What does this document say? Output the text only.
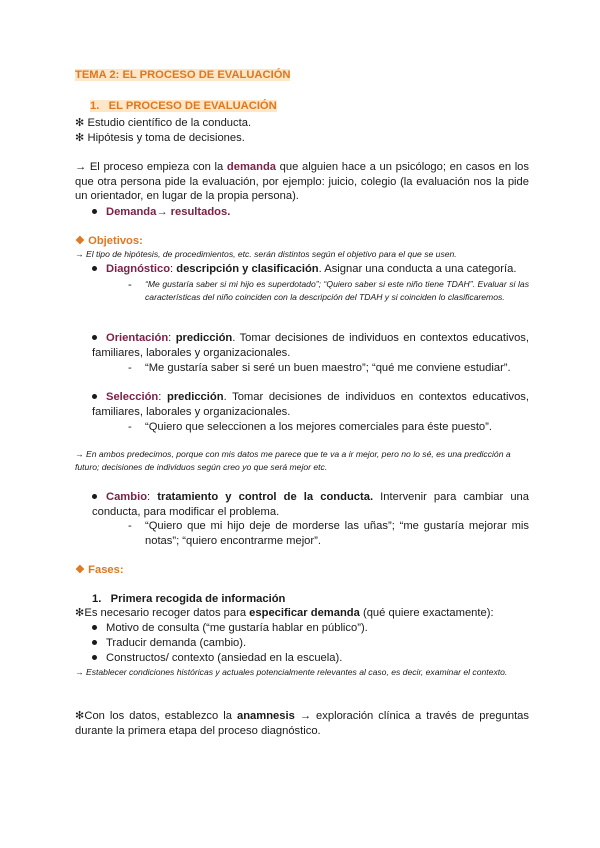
TEMA 2: EL PROCESO DE EVALUACIÓN
1. EL PROCESO DE EVALUACIÓN
✻ Estudio científico de la conducta.
✻ Hipótesis y toma de decisiones.
→ El proceso empieza con la demanda que alguien hace a un psicólogo; en casos en los que otra persona pide la evaluación, por ejemplo: juicio, colegio (la evaluación nos la pide un orientador, en lugar de la propia persona).
Demanda→ resultados.
❖ Objetivos:
→ El tipo de hipótesis, de procedimientos, etc. serán distintos según el objetivo para el que se usen.
Diagnóstico: descripción y clasificación. Asignar una conducta a una categoría.
- “Me gustaría saber si mi hijo es superdotado”; “Quiero saber si este niño tiene TDAH”. Evaluar si las características del niño coinciden con la descripción del TDAH y si coinciden lo clasificaremos.
Orientación: predicción. Tomar decisiones de individuos en contextos educativos, familiares, laborales y organizacionales.
- “Me gustaría saber si seré un buen maestro”; “qué me conviene estudiar”.
Selección: predicción. Tomar decisiones de individuos en contextos educativos, familiares, laborales y organizacionales.
- “Quiero que seleccionen a los mejores comerciales para éste puesto”.
→ En ambos predecimos, porque con mis datos me parece que te va a ir mejor, pero no lo sé, es una predicción a futuro; decisiones de individuos según creo yo que será mejor etc.
Cambio: tratamiento y control de la conducta. Intervenir para cambiar una conducta, para modificar el problema.
- “Quiero que mi hijo deje de morderse las uñas”; “me gustaría mejorar mis notas”; “quiero encontrarme mejor”.
❖ Fases:
1. Primera recogida de información
✻Es necesario recoger datos para especificar demanda (qué quiere exactamente):
Motivo de consulta (“me gustaría hablar en público”).
Traducir demanda (cambio).
Constructos/ contexto (ansiedad en la escuela).
→ Establecer condiciones históricas y actuales potencialmente relevantes al caso, es decir, examinar el contexto.
✻Con los datos, establezco la anamnesis → exploración clínica a través de preguntas durante la primera etapa del proceso diagnóstico.
